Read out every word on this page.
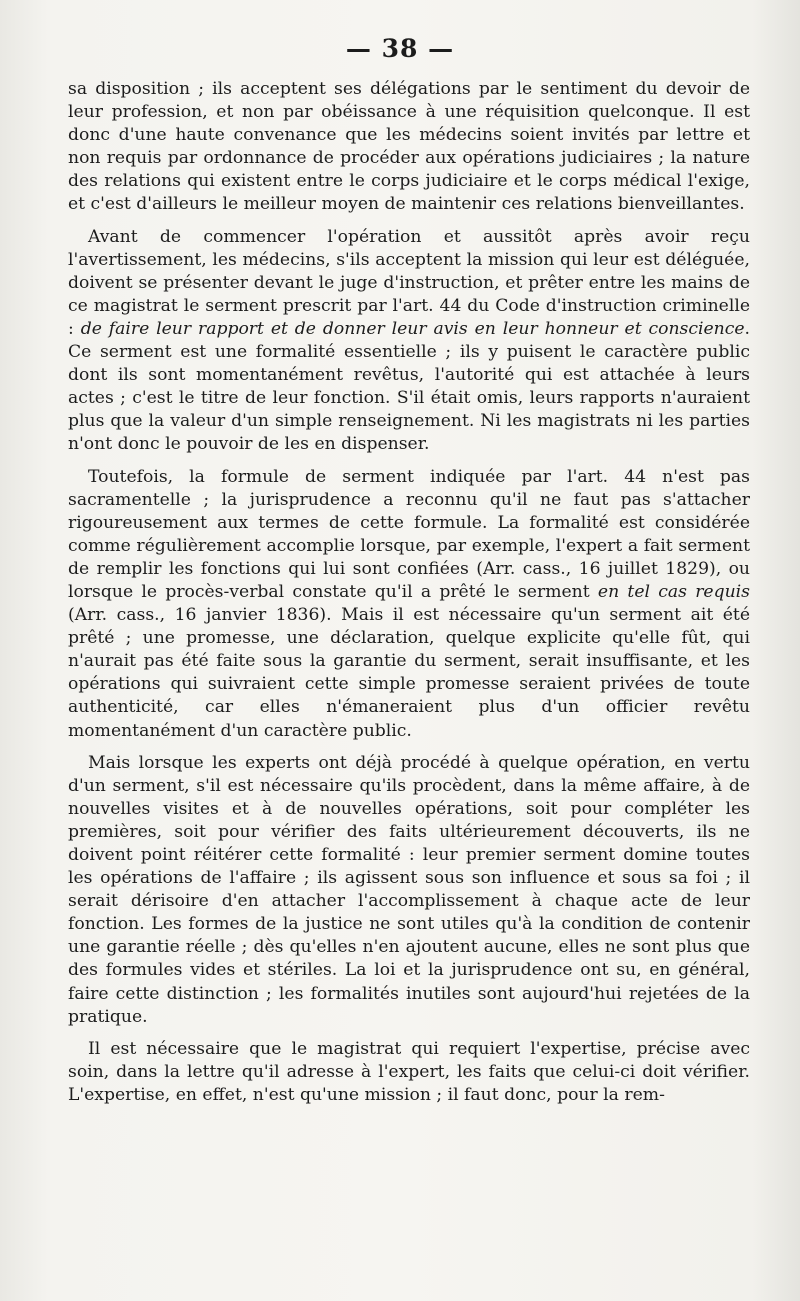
— 38 —

sa disposition ; ils acceptent ses délégations par le sentiment du devoir de leur profession, et non par obéissance à une réquisition quelconque. Il est donc d'une haute convenance que les médecins soient invités par lettre et non requis par ordonnance de procéder aux opérations judiciaires ; la nature des relations qui existent entre le corps judiciaire et le corps médical l'exige, et c'est d'ailleurs le meilleur moyen de maintenir ces relations bienveillantes.

Avant de commencer l'opération et aussitôt après avoir reçu l'avertissement, les médecins, s'ils acceptent la mission qui leur est déléguée, doivent se présenter devant le juge d'instruction, et prêter entre les mains de ce magistrat le serment prescrit par l'art. 44 du Code d'instruction criminelle : de faire leur rapport et de donner leur avis en leur honneur et conscience. Ce serment est une formalité essentielle ; ils y puisent le caractère public dont ils sont momentanément revêtus, l'autorité qui est attachée à leurs actes ; c'est le titre de leur fonction. S'il était omis, leurs rapports n'auraient plus que la valeur d'un simple renseignement. Ni les magistrats ni les parties n'ont donc le pouvoir de les en dispenser.

Toutefois, la formule de serment indiquée par l'art. 44 n'est pas sacramentelle ; la jurisprudence a reconnu qu'il ne faut pas s'attacher rigoureusement aux termes de cette formule. La formalité est considérée comme régulièrement accomplie lorsque, par exemple, l'expert a fait serment de remplir les fonctions qui lui sont confiées (Arr. cass., 16 juillet 1829), ou lorsque le procès-verbal constate qu'il a prêté le serment en tel cas requis (Arr. cass., 16 janvier 1836). Mais il est nécessaire qu'un serment ait été prêté ; une promesse, une déclaration, quelque explicite qu'elle fût, qui n'aurait pas été faite sous la garantie du serment, serait insuffisante, et les opérations qui suivraient cette simple promesse seraient privées de toute authenticité, car elles n'émaneraient plus d'un officier revêtu momentanément d'un caractère public.

Mais lorsque les experts ont déjà procédé à quelque opération, en vertu d'un serment, s'il est nécessaire qu'ils procèdent, dans la même affaire, à de nouvelles visites et à de nouvelles opérations, soit pour compléter les premières, soit pour vérifier des faits ultérieurement découverts, ils ne doivent point réitérer cette formalité : leur premier serment domine toutes les opérations de l'affaire ; ils agissent sous son influence et sous sa foi ; il serait dérisoire d'en attacher l'accomplissement à chaque acte de leur fonction. Les formes de la justice ne sont utiles qu'à la condition de contenir une garantie réelle ; dès qu'elles n'en ajoutent aucune, elles ne sont plus que des formules vides et stériles. La loi et la jurisprudence ont su, en général, faire cette distinction ; les formalités inutiles sont aujourd'hui rejetées de la pratique.

Il est nécessaire que le magistrat qui requiert l'expertise, précise avec soin, dans la lettre qu'il adresse à l'expert, les faits que celui-ci doit vérifier. L'expertise, en effet, n'est qu'une mission ; il faut donc, pour la rem-
